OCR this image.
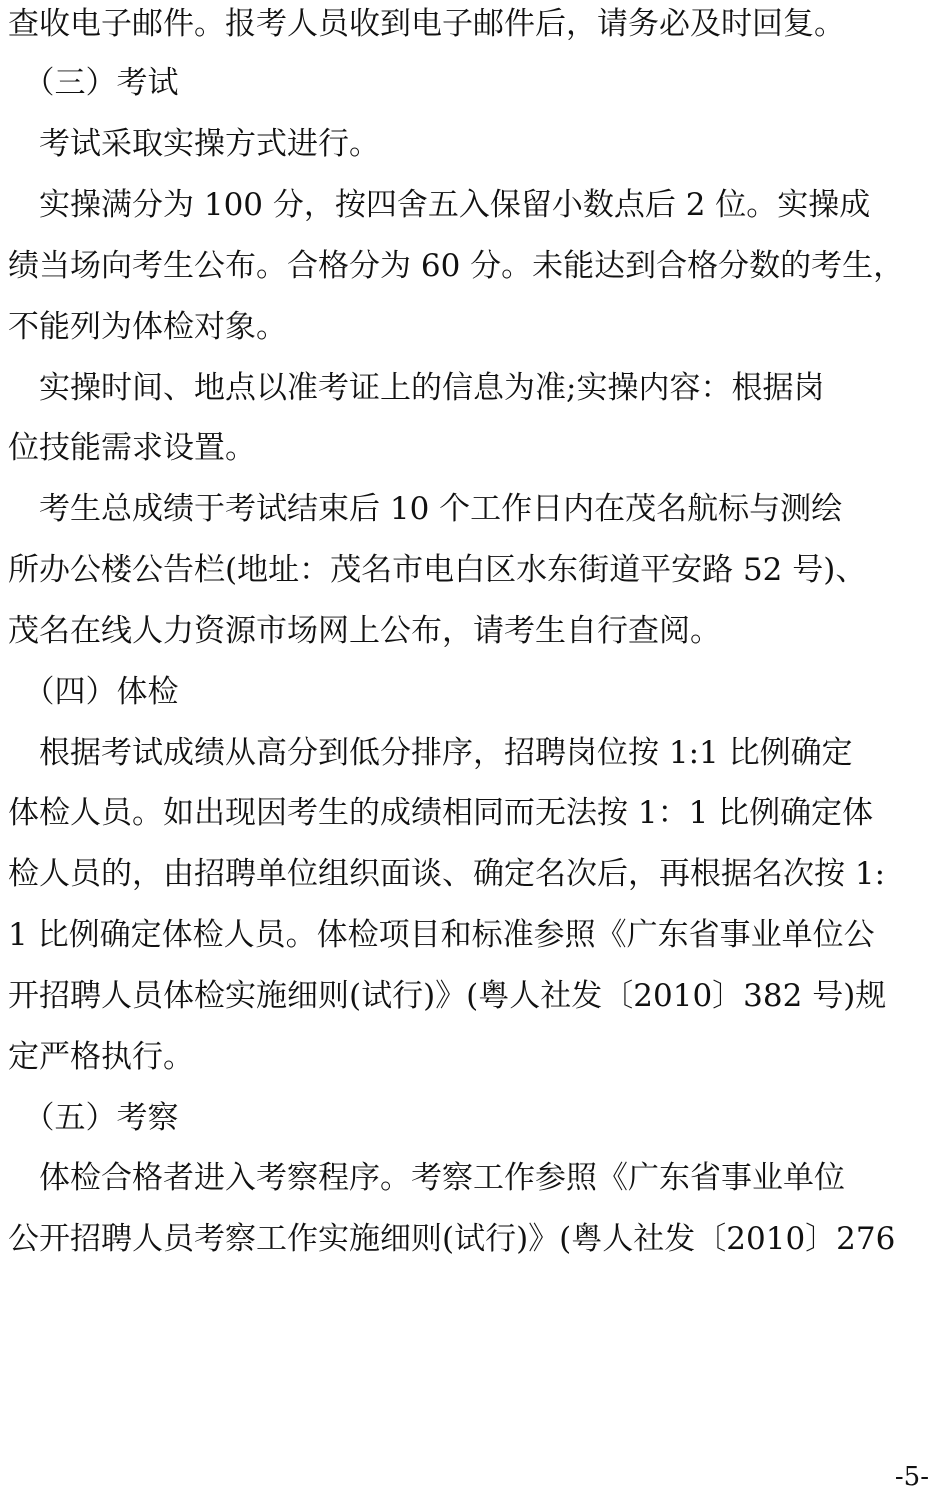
查收电子邮件。报考人员收到电子邮件后，请务必及时回复。
　（三）考试
　考试采取实操方式进行。
　实操满分为 100 分，按四舍五入保留小数点后 2 位。实操成
绩当场向考生公布。合格分为 60 分。未能达到合格分数的考生，
不能列为体检对象。
　实操时间、地点以准考证上的信息为准;实操内容：根据岗
位技能需求设置。
　考生总成绩于考试结束后 10 个工作日内在茂名航标与测绘
所办公楼公告栏(地址：茂名市电白区水东街道平安路 52 号)、
茂名在线人力资源市场网上公布，请考生自行查阅。
　（四）体检
　根据考试成绩从高分到低分排序，招聘岗位按 1:1 比例确定
体检人员。如出现因考生的成绩相同而无法按 1：1 比例确定体
检人员的，由招聘单位组织面谈、确定名次后，再根据名次按 1:
1 比例确定体检人员。体检项目和标准参照《广东省事业单位公
开招聘人员体检实施细则(试行)》(粤人社发〔2010〕382 号)规
定严格执行。
　（五）考察
　体检合格者进入考察程序。考察工作参照《广东省事业单位
公开招聘人员考察工作实施细则(试行)》(粤人社发〔2010〕276
-5-
